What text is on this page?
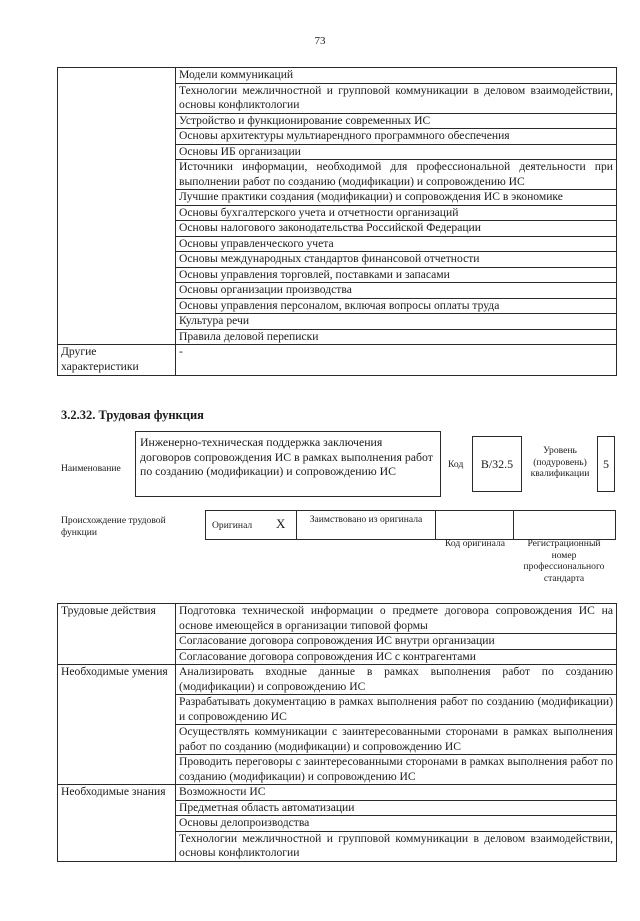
73
	Модели коммуникаций
	Технологии межличностной и групповой коммуникации в деловом взаимодействии, основы конфликтологии
	Устройство и функционирование современных ИС
	Основы архитектуры мультиарендного программного обеспечения
	Основы ИБ организации
	Источники информации, необходимой для профессиональной деятельности при выполнении работ по созданию (модификации) и сопровождению ИС
	Лучшие практики создания (модификации) и сопровождения ИС в экономике
	Основы бухгалтерского учета и отчетности организаций
	Основы налогового законодательства Российской Федерации
	Основы управленческого учета
	Основы международных стандартов финансовой отчетности
	Основы управления торговлей, поставками и запасами
	Основы организации производства
	Основы управления персоналом, включая вопросы оплаты труда
	Культура речи
	Правила деловой переписки
Другие характеристики	-
3.2.32. Трудовая функция
Наименование
Инженерно-техническая поддержка заключения договоров сопровождения ИС в рамках выполнения работ по созданию (модификации) и сопровождению ИС	Код	В/32.5
Уровень (подуровень) квалификации
5
Происхождение трудовой функции
Оригинал X	Заимствовано из оригинала
Код оригинала	Регистрационный номер профессионального стандарта
Трудовые действия	Подготовка технической информации о предмете договора сопровождения ИС на основе имеющейся в организации типовой формы
	Согласование договора сопровождения ИС внутри организации
	Согласование договора сопровождения ИС с контрагентами
Необходимые умения	Анализировать входные данные в рамках выполнения работ по созданию (модификации) и сопровождению ИС
	Разрабатывать документацию в рамках выполнения работ по созданию (модификации) и сопровождению ИС
	Осуществлять коммуникации с заинтересованными сторонами в рамках выполнения работ по созданию (модификации) и сопровождению ИС
	Проводить переговоры с заинтересованными сторонами в рамках выполнения работ по созданию (модификации) и сопровождению ИС
Необходимые знания	Возможности ИС
	Предметная область автоматизации
	Основы делопроизводства
	Технологии межличностной и групповой коммуникации в деловом взаимодействии, основы конфликтологии
